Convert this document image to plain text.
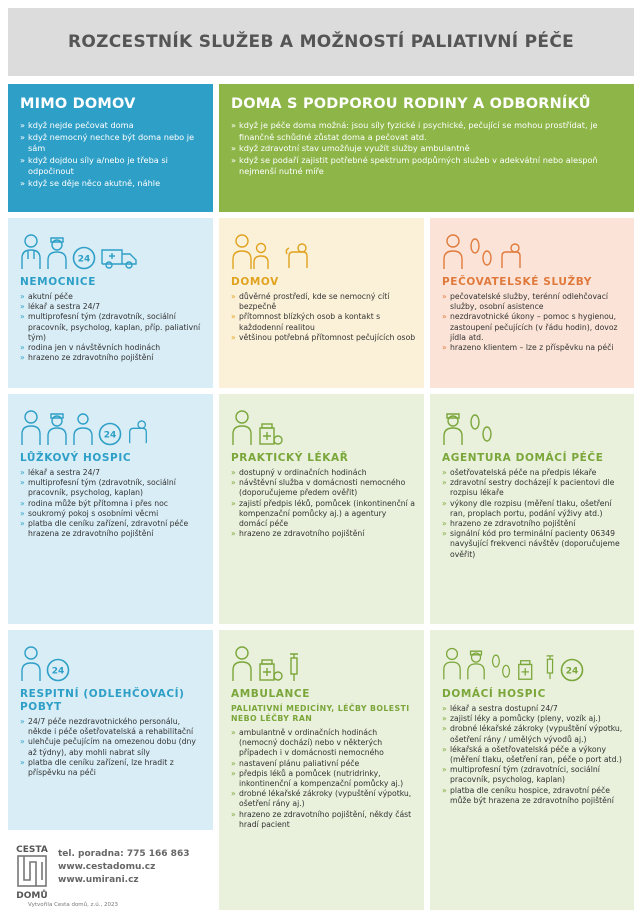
ROZCESTNÍK SLUŽEB A MOŽNOSTÍ PALIATIVNÍ PÉČE
MIMO DOMOV
» když nejde pečovat doma
» když nemocný nechce být doma nebo je sám
» když dojdou síly a/nebo je třeba si odpočinout
» když se děje něco akutně, náhle
DOMA S PODPOROU RODINY A ODBORNÍKŮ
» když je péče doma možná: jsou síly fyzické i psychické, pečující se mohou prostřídat, je finančně schůdné zůstat doma a pečovat atd.
» když zdravotní stav umožňuje využít služby ambulantně
» když se podaří zajistit potřebné spektrum podpůrných služeb v adekvátní nebo alespoň nejmenší nutné míře
24
NEMOCNICE
» akutní péče
» lékař a sestra 24/7
» multiprofesní tým (zdravotník, sociální pracovník, psycholog, kaplan, příp. paliativní tým)
» rodina jen v návštěvních hodinách
» hrazeno ze zdravotního pojištění
DOMOV
» důvěrné prostředí, kde se nemocný cítí bezpečně
» přítomnost blízkých osob a kontakt s každodenní realitou
» většinou potřebná přítomnost pečujících osob
PEČOVATELSKÉ SLUŽBY
» pečovatelské služby, terénní odlehčovací služby, osobní asistence
» nezdravotnické úkony – pomoc s hygienou, zastoupení pečujících (v řádu hodin), dovoz jídla atd.
» hrazeno klientem – lze z příspěvku na péči
24
LŮŽKOVÝ HOSPIC
» lékař a sestra 24/7
» multiprofesní tým (zdravotník, sociální pracovník, psycholog, kaplan)
» rodina může být přítomna i přes noc
» soukromý pokoj s osobními věcmi
» platba dle ceníku zařízení, zdravotní péče hrazena ze zdravotního pojištění
PRAKTICKÝ LÉKAŘ
» dostupný v ordinačních hodinách
» návštěvní služba v domácnosti nemocného (doporučujeme předem ověřit)
» zajistí předpis léků, pomůcek (inkontinenční a kompenzační pomůcky aj.) a agentury domácí péče
» hrazeno ze zdravotního pojištění
AGENTURA DOMÁCÍ PÉČE
» ošetřovatelská péče na předpis lékaře
» zdravotní sestry docházejí k pacientovi dle rozpisu lékaře
» výkony dle rozpisu (měření tlaku, ošetření ran, proplach portu, podání výživy atd.)
» hrazeno ze zdravotního pojištění
» signální kód pro terminální pacienty 06349 navyšující frekvenci návštěv (doporučujeme ověřit)
24
RESPITNÍ (ODLEHČOVACÍ) POBYT
» 24/7 péče nezdravotnického personálu, někde i péče ošetřovatelská a rehabilitační
» ulehčuje pečujícím na omezenou dobu (dny až týdny), aby mohli nabrat síly
» platba dle ceníku zařízení, lze hradit z příspěvku na péči
AMBULANCE
PALIATIVNÍ MEDICÍNY, LÉČBY BOLESTI NEBO LÉČBY RAN
» ambulantně v ordinačních hodinách (nemocný dochází) nebo v některých případech i v domácnosti nemocného
» nastavení plánu paliativní péče
» předpis léků a pomůcek (nutridrinky, inkontinenční a kompenzační pomůcky aj.)
» drobné lékařské zákroky (vypuštění výpotku, ošetření rány aj.)
» hrazeno ze zdravotního pojištění, někdy část hradí pacient
24
DOMÁCÍ HOSPIC
» lékař a sestra dostupní 24/7
» zajistí léky a pomůcky (pleny, vozík aj.)
» drobné lékařské zákroky (vypuštění výpotku, ošetření rány / umělých vývodů aj.)
» lékařská a ošetřovatelská péče a výkony (měření tlaku, ošetření ran, péče o port atd.)
» multiprofesní tým (zdravotníci, sociální pracovník, psycholog, kaplan)
» platba dle ceníku hospice, zdravotní péče může být hrazena ze zdravotního pojištění
CESTA
DOMŮ
tel. poradna: 775 166 863
www.cestadomu.cz
www.umirani.cz
Vytvořila Cesta domů, z.ú., 2023
